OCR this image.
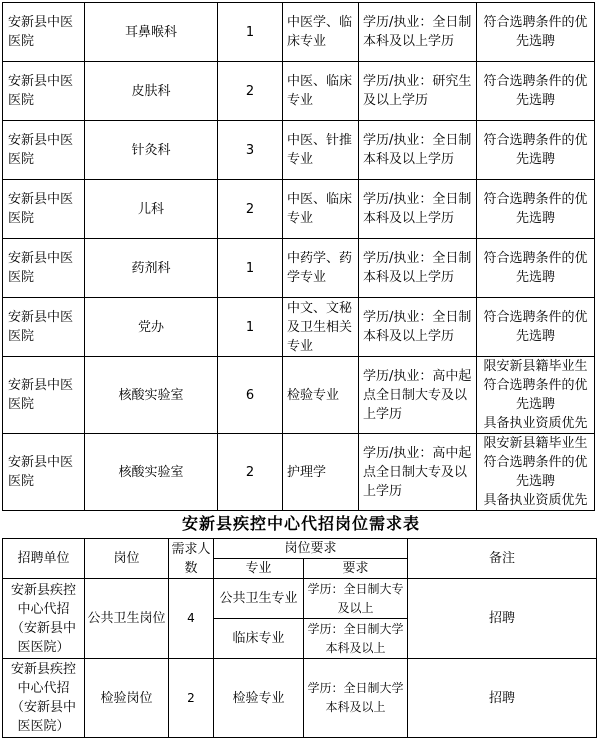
安新县中医医院	耳鼻喉科	1	中医学、临床专业	学历/执业：全日制本科及以上学历	符合选聘条件的优先选聘
安新县中医医院	皮肤科	2	中医、临床专业	学历/执业：研究生及以上学历	符合选聘条件的优先选聘
安新县中医医院	针灸科	3	中医、针推专业	学历/执业：全日制本科及以上学历	符合选聘条件的优先选聘
安新县中医医院	儿科	2	中医、临床专业	学历/执业：全日制本科及以上学历	符合选聘条件的优先选聘
安新县中医医院	药剂科	1	中药学、药学专业	学历/执业：全日制本科及以上学历	符合选聘条件的优先选聘
安新县中医医院	党办	1	中文、文秘及卫生相关专业	学历/执业：全日制本科及以上学历	符合选聘条件的优先选聘
安新县中医医院	核酸实验室	6	检验专业	学历/执业：高中起点全日制大专及以上学历	限安新县籍毕业生
符合选聘条件的优先选聘
具备执业资质优先

安新县中医医院	核酸实验室	2	护理学	学历/执业：高中起点全日制大专及以上学历	限安新县籍毕业生
符合选聘条件的优先选聘
具备执业资质优先
安新县疾控中心代招岗位需求表
招聘单位	岗位	需求人数	岗位要求		备注
			专业	要求	
安新县疾控中心代招（安新县中医医院）	公共卫生岗位	4	公共卫生专业	学历：全日制大专及以上	招聘
			临床专业	学历：全日制大学本科及以上	
安新县疾控中心代招（安新县中医医院）	检验岗位	2	检验专业	学历：全日制大学本科及以上	招聘
